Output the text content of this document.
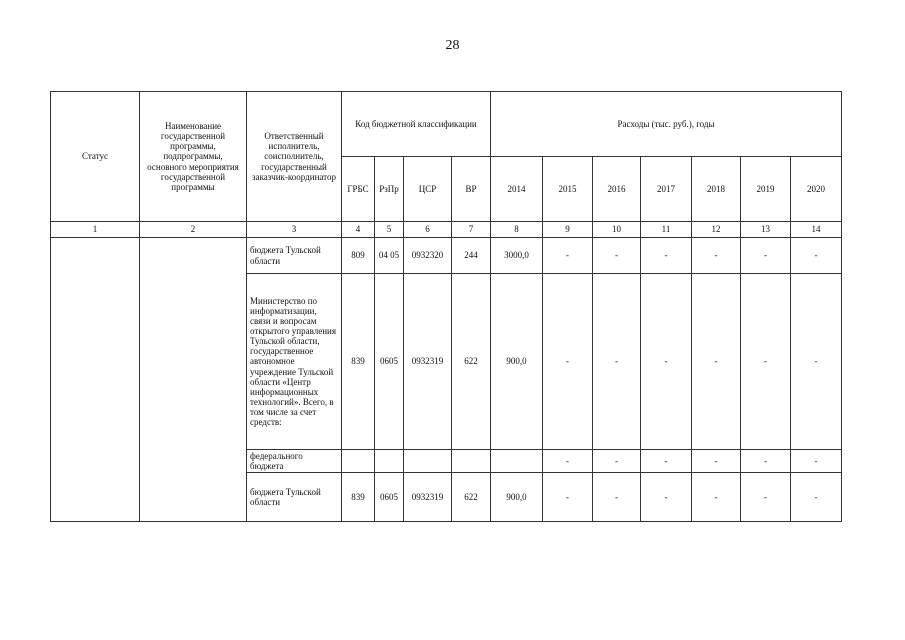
28
Статус	Наименование государственной программы, подпрограммы, основного мероприятия государственной программы	Ответственный исполнитель, соисполнитель, государственный заказчик-координатор	Код бюджетной классификации				Расходы (тыс. руб.), годы						
			ГРБС	РзПр	ЦСР	ВР	2014	2015	2016	2017	2018	2019	2020
1	2	3	4	5	6	7	8	9	10	11	12	13	14
		бюджета Тульской области	809	04 05	0932320	244	3000,0	-	-	-	-	-	-
		Министерство по информатизации, связи и вопросам открытого управления Тульской области, государственное автономное учреждение Тульской области «Центр информационных технологий». Всего, в том числе за счет средств:	839	0605	0932319	622	900,0	-	-	-	-	-	-
		федерального бюджета						-	-	-	-	-	-
		бюджета Тульской области	839	0605	0932319	622	900,0	-	-	-	-	-	-
